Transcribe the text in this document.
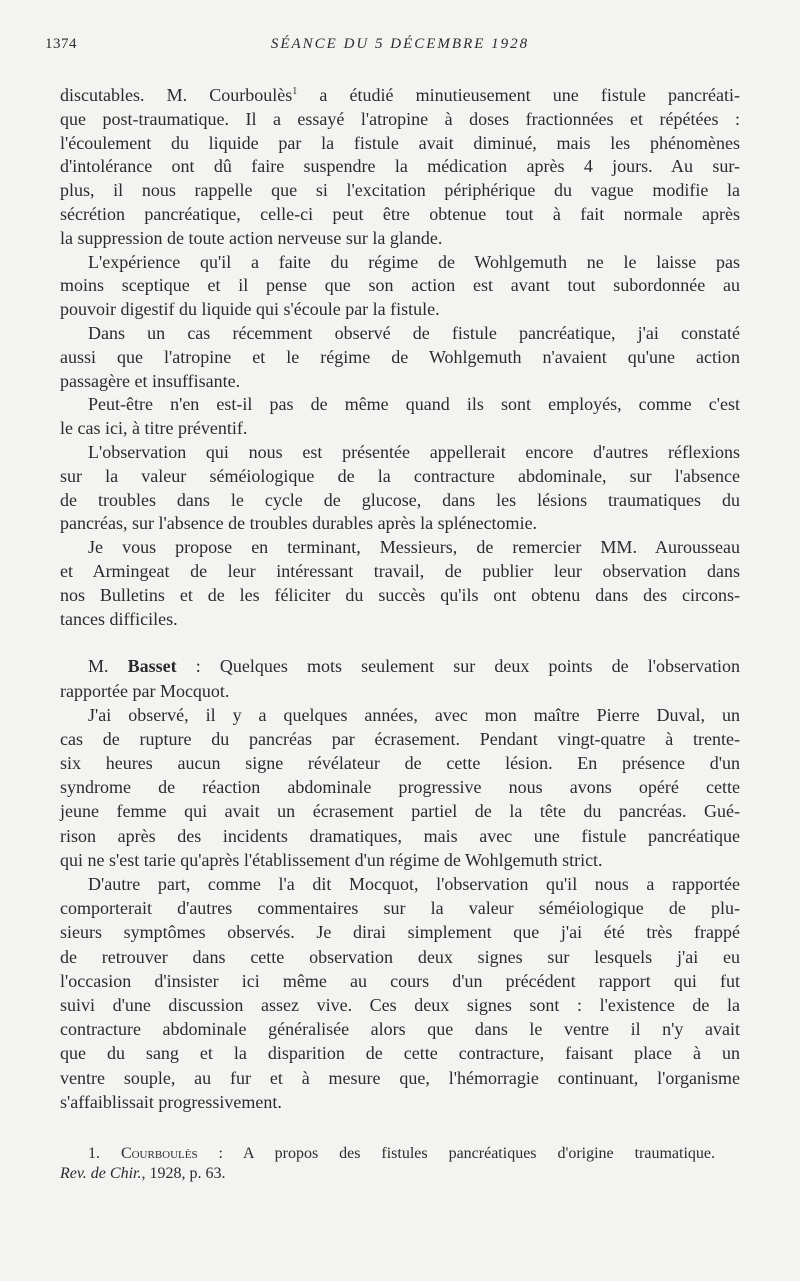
1374	SÉANCE DU 5 DÉCEMBRE 1928
discutables. M. Courboulès$^1$ a étudié minutieusement une fistule pancréati-
que post-traumatique. Il a essayé l'atropine à doses fractionnées et répétées :
l'écoulement du liquide par la fistule avait diminué, mais les phénomènes
d'intolérance ont dû faire suspendre la médication après 4 jours. Au sur-
plus, il nous rappelle que si l'excitation périphérique du vague modifie la
sécrétion pancréatique, celle-ci peut être obtenue tout à fait normale après
la suppression de toute action nerveuse sur la glande.
L'expérience qu'il a faite du régime de Wohlgemuth ne le laisse pas
moins sceptique et il pense que son action est avant tout subordonnée au
pouvoir digestif du liquide qui s'écoule par la fistule.
Dans un cas récemment observé de fistule pancréatique, j'ai constaté
aussi que l'atropine et le régime de Wohlgemuth n'avaient qu'une action
passagère et insuffisante.
Peut-être n'en est-il pas de même quand ils sont employés, comme c'est
le cas ici, à titre préventif.
L'observation qui nous est présentée appellerait encore d'autres réflexions
sur la valeur séméiologique de la contracture abdominale, sur l'absence
de troubles dans le cycle de glucose, dans les lésions traumatiques du
pancréas, sur l'absence de troubles durables après la splénectomie.
Je vous propose en terminant, Messieurs, de remercier MM. Aurousseau
et Armingeat de leur intéressant travail, de publier leur observation dans
nos Bulletins et de les féliciter du succès qu'ils ont obtenu dans des circons-
tances difficiles.
M. Basset : Quelques mots seulement sur deux points de l'observation
rapportée par Mocquot.
J'ai observé, il y a quelques années, avec mon maître Pierre Duval, un
cas de rupture du pancréas par écrasement. Pendant vingt-quatre à trente-
six heures aucun signe révélateur de cette lésion. En présence d'un
syndrome de réaction abdominale progressive nous avons opéré cette
jeune femme qui avait un écrasement partiel de la tête du pancréas. Gué-
rison après des incidents dramatiques, mais avec une fistule pancréatique
qui ne s'est tarie qu'après l'établissement d'un régime de Wohlgemuth strict.
D'autre part, comme l'a dit Mocquot, l'observation qu'il nous a rapportée
comporterait d'autres commentaires sur la valeur séméiologique de plu-
sieurs symptômes observés. Je dirai simplement que j'ai été très frappé
de retrouver dans cette observation deux signes sur lesquels j'ai eu
l'occasion d'insister ici même au cours d'un précédent rapport qui fut
suivi d'une discussion assez vive. Ces deux signes sont : l'existence de la
contracture abdominale généralisée alors que dans le ventre il n'y avait
que du sang et la disparition de cette contracture, faisant place à un
ventre souple, au fur et à mesure que, l'hémorragie continuant, l'organisme
s'affaiblissait progressivement.
1. Courboulès : A propos des fistules pancréatiques d'origine traumatique.
Rev. de Chir., 1928, p. 63.
